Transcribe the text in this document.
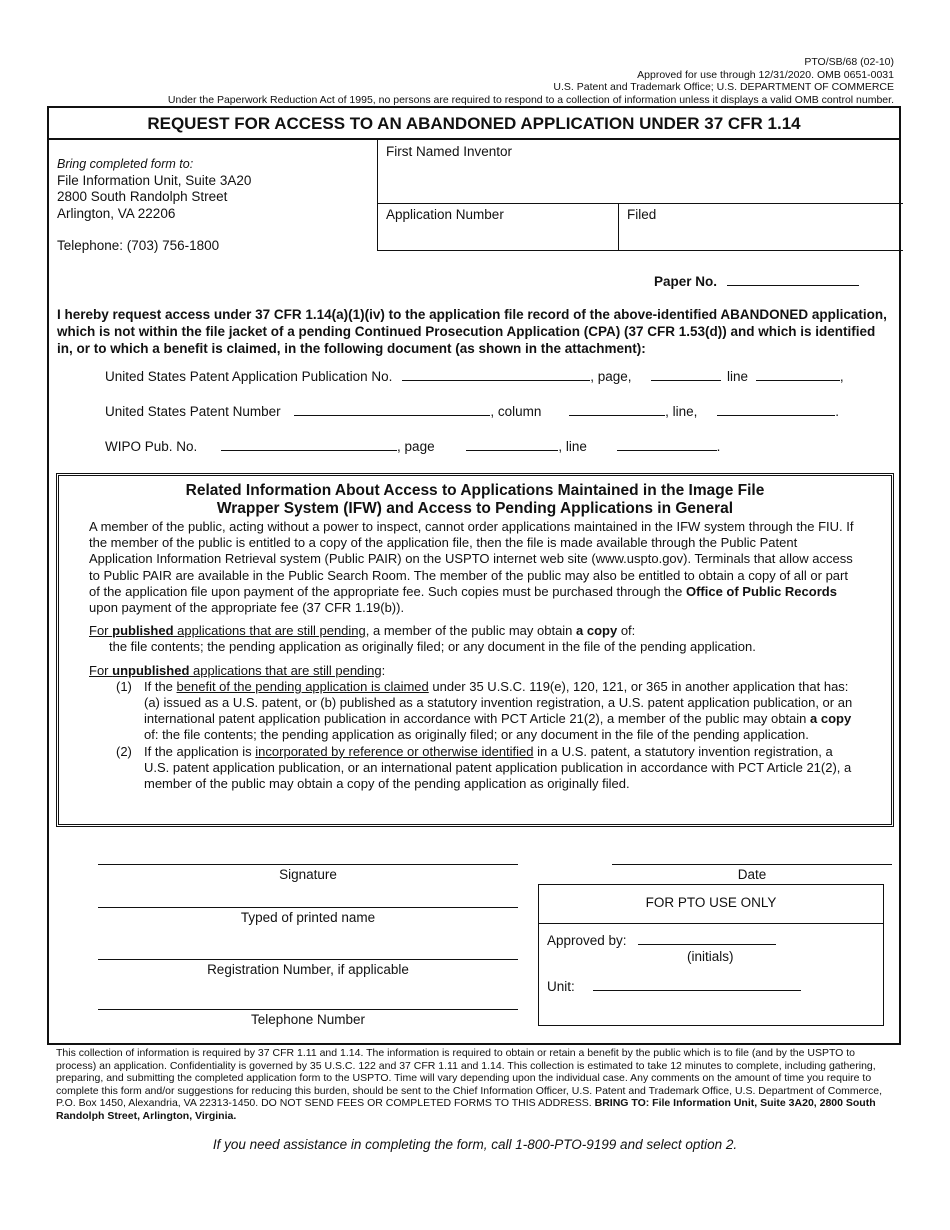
PTO/SB/68 (02-10)
Approved for use through 12/31/2020. OMB 0651-0031
U.S. Patent and Trademark Office; U.S. DEPARTMENT OF COMMERCE
Under the Paperwork Reduction Act of 1995, no persons are required to respond to a collection of information unless it displays a valid OMB control number.
REQUEST FOR ACCESS TO AN ABANDONED APPLICATION UNDER 37 CFR 1.14
Bring completed form to:
File Information Unit, Suite 3A20
2800 South Randolph Street
Arlington, VA 22206
Telephone: (703) 756-1800
First Named Inventor
Application Number	Filed
Paper No.
I hereby request access under 37 CFR 1.14(a)(1)(iv) to the application file record of the above-identified ABANDONED application, which is not within the file jacket of a pending Continued Prosecution Application (CPA) (37 CFR 1.53(d)) and which is identified in, or to which a benefit is claimed, in the following document (as shown in the attachment):
United States Patent Application Publication No.	, page,	line	,
United States Patent Number	, column	, line,	.
WIPO Pub. No.	, page	, line	.
Related Information About Access to Applications Maintained in the Image File
Wrapper System (IFW) and Access to Pending Applications in General

A member of the public, acting without a power to inspect, cannot order applications maintained in the IFW system through the FIU. If the member of the public is entitled to a copy of the application file, then the file is made available through the Public Patent Application Information Retrieval system (Public PAIR) on the USPTO internet web site (www.uspto.gov). Terminals that allow access to Public PAIR are available in the Public Search Room. The member of the public may also be entitled to obtain a copy of all or part of the application file upon payment of the appropriate fee. Such copies must be purchased through the Office of Public Records upon payment of the appropriate fee (37 CFR 1.19(b)).

For published applications that are still pending, a member of the public may obtain a copy of:

the file contents; the pending application as originally filed; or any document in the file of the pending application.

For unpublished applications that are still pending:

(1) If the benefit of the pending application is claimed under 35 U.S.C. 119(e), 120, 121, or 365 in another application that has: (a) issued as a U.S. patent, or (b) published as a statutory invention registration, a U.S. patent application publication, or an international patent application publication in accordance with PCT Article 21(2), a member of the public may obtain a copy of: the file contents; the pending application as originally filed; or any document in the file of the pending application.

(2) If the application is incorporated by reference or otherwise identified in a U.S. patent, a statutory invention registration, a U.S. patent application publication, or an international patent application publication in accordance with PCT Article 21(2), a member of the public may obtain a copy of the pending application as originally filed.

Signature	Date
Typed of printed name
Registration Number, if applicable
Telephone Number
FOR PTO USE ONLY
Approved by:
(initials)
Unit:
This collection of information is required by 37 CFR 1.11 and 1.14. The information is required to obtain or retain a benefit by the public which is to file (and by the USPTO to process) an application. Confidentiality is governed by 35 U.S.C. 122 and 37 CFR 1.11 and 1.14. This collection is estimated to take 12 minutes to complete, including gathering, preparing, and submitting the completed application form to the USPTO. Time will vary depending upon the individual case. Any comments on the amount of time you require to complete this form and/or suggestions for reducing this burden, should be sent to the Chief Information Officer, U.S. Patent and Trademark Office, U.S. Department of Commerce, P.O. Box 1450, Alexandria, VA 22313-1450. DO NOT SEND FEES OR COMPLETED FORMS TO THIS ADDRESS. BRING TO: File Information Unit, Suite 3A20, 2800 South Randolph Street, Arlington, Virginia.
If you need assistance in completing the form, call 1-800-PTO-9199 and select option 2.
